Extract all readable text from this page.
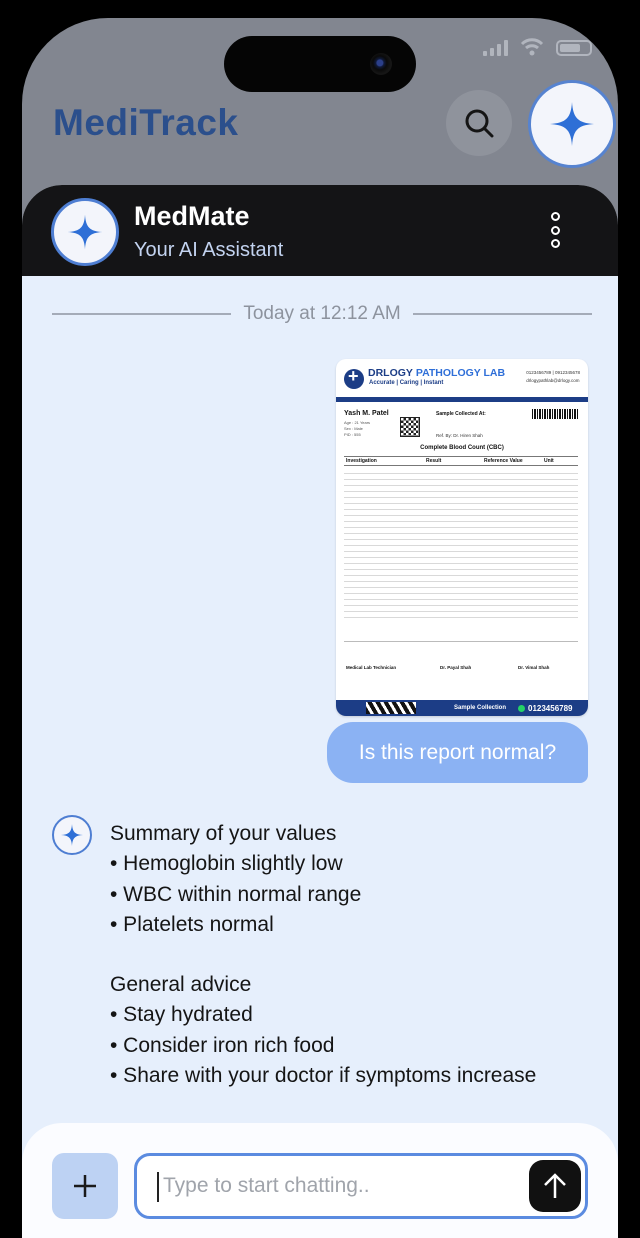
MediTrack
MedMate
Your AI Assistant
Today at 12:12 AM
+
DRLOGY PATHOLOGY LAB
Accurate | Caring | Instant
0123456789 | 0912345678
drlogypathlab@drlogy.com
Yash M. Patel
Age : 21 Years
Sex : Male
PID : 555
Sample Collected At:
Ref. By: Dr. Hiren Shah
Complete Blood Count (CBC)
Investigation	Result	Reference Value	Unit
Medical Lab Technician	Dr. Payal Shah	Dr. Vimal Shah
Sample Collection	0123456789
Is this report normal?
Summary of your values
• Hemoglobin slightly low
• WBC within normal range
• Platelets normal
General advice
• Stay hydrated
• Consider iron rich food
• Share with your doctor if symptoms increase
Type to start chatting..
